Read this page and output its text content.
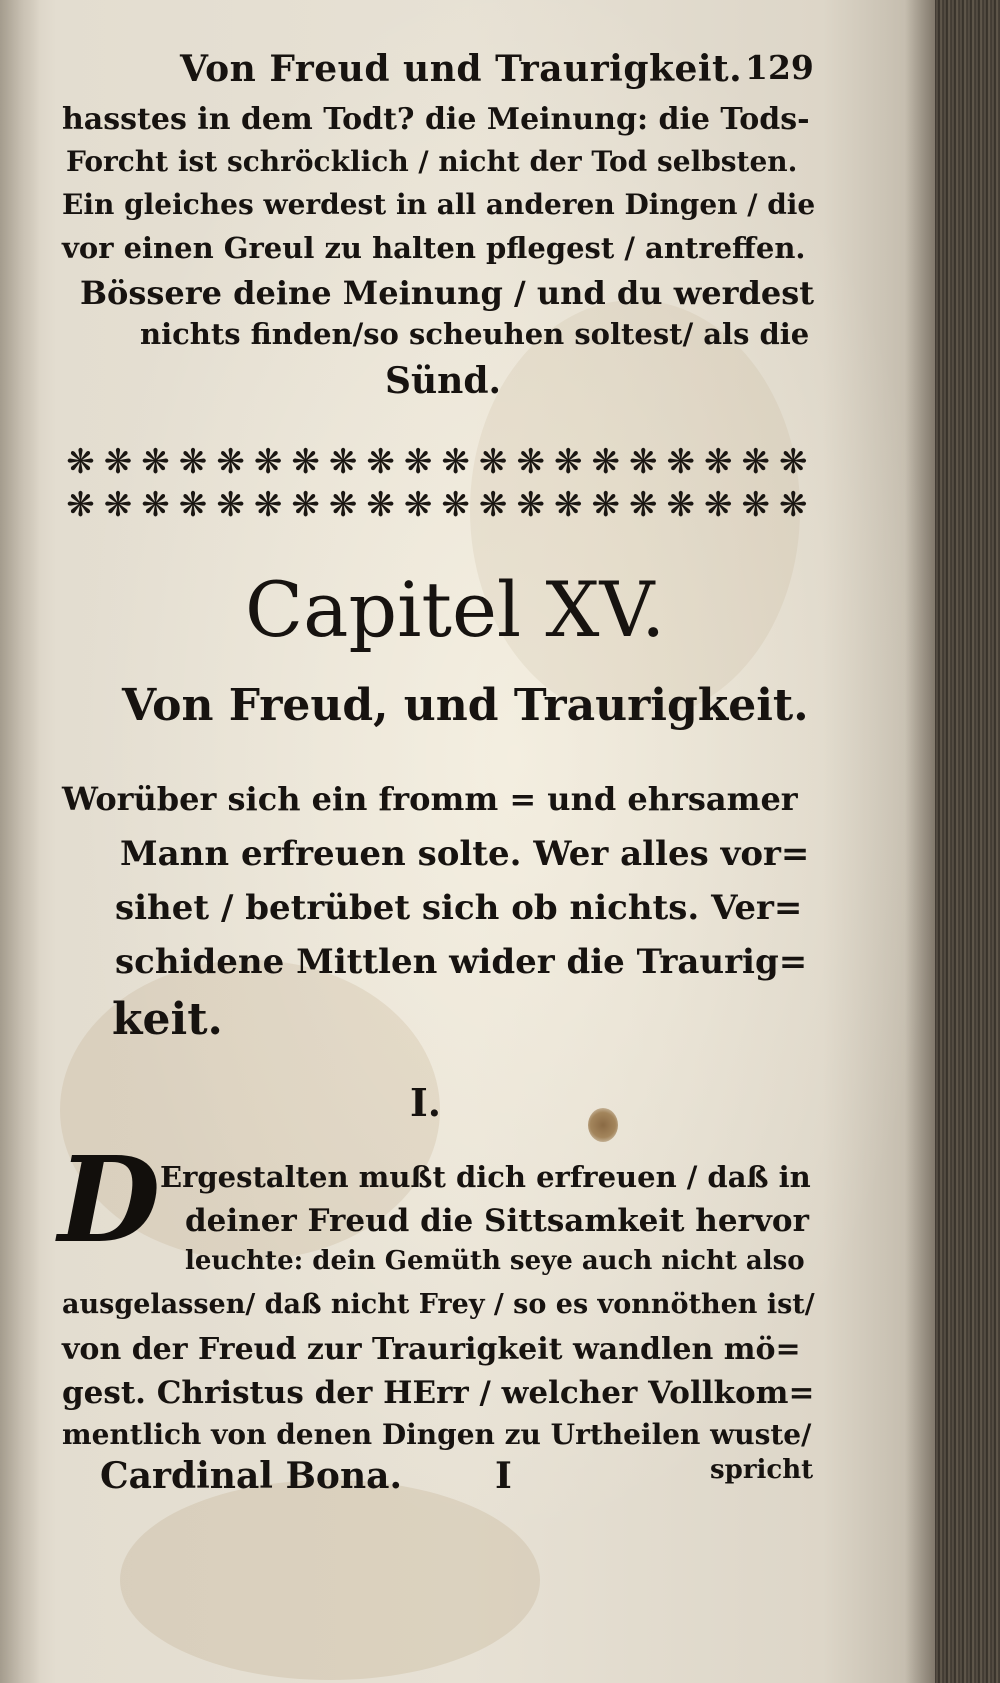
Von Freud und Traurigkeit. 129
hasstes in dem Todt? die Meinung: die Tods-
Forcht ist schröcklich / nicht der Tod selbsten.
Ein gleiches werdest in all anderen Dingen / die
vor einen Greul zu halten pflegest / antreffen.
Bössere deine Meinung / und du werdest
nichts finden/so scheuhen soltest/ als die
Sünd.
❋ ❋ ❋ ❋ ❋ ❋ ❋ ❋ ❋ ❋ ❋ ❋ ❋ ❋ ❋ ❋ ❋ ❋ ❋ ❋
❋ ❋ ❋ ❋ ❋ ❋ ❋ ❋ ❋ ❋ ❋ ❋ ❋ ❋ ❋ ❋ ❋ ❋ ❋ ❋
Capitel XV.
Von Freud, und Traurigkeit.
Worüber sich ein fromm = und ehrsamer
Mann erfreuen solte. Wer alles vor=
sihet / betrübet sich ob nichts. Ver=
schidene Mittlen wider die Traurig=
keit.
I.
D Ergestalten mußt dich erfreuen / daß in
deiner Freud die Sittsamkeit hervor
leuchte: dein Gemüth seye auch nicht also
ausgelassen/ daß nicht Frey / so es vonnöthen ist/
von der Freud zur Traurigkeit wandlen mö=
gest. Christus der HErr / welcher Vollkom=
mentlich von denen Dingen zu Urtheilen wuste/
Cardinal Bona.	I	spricht
